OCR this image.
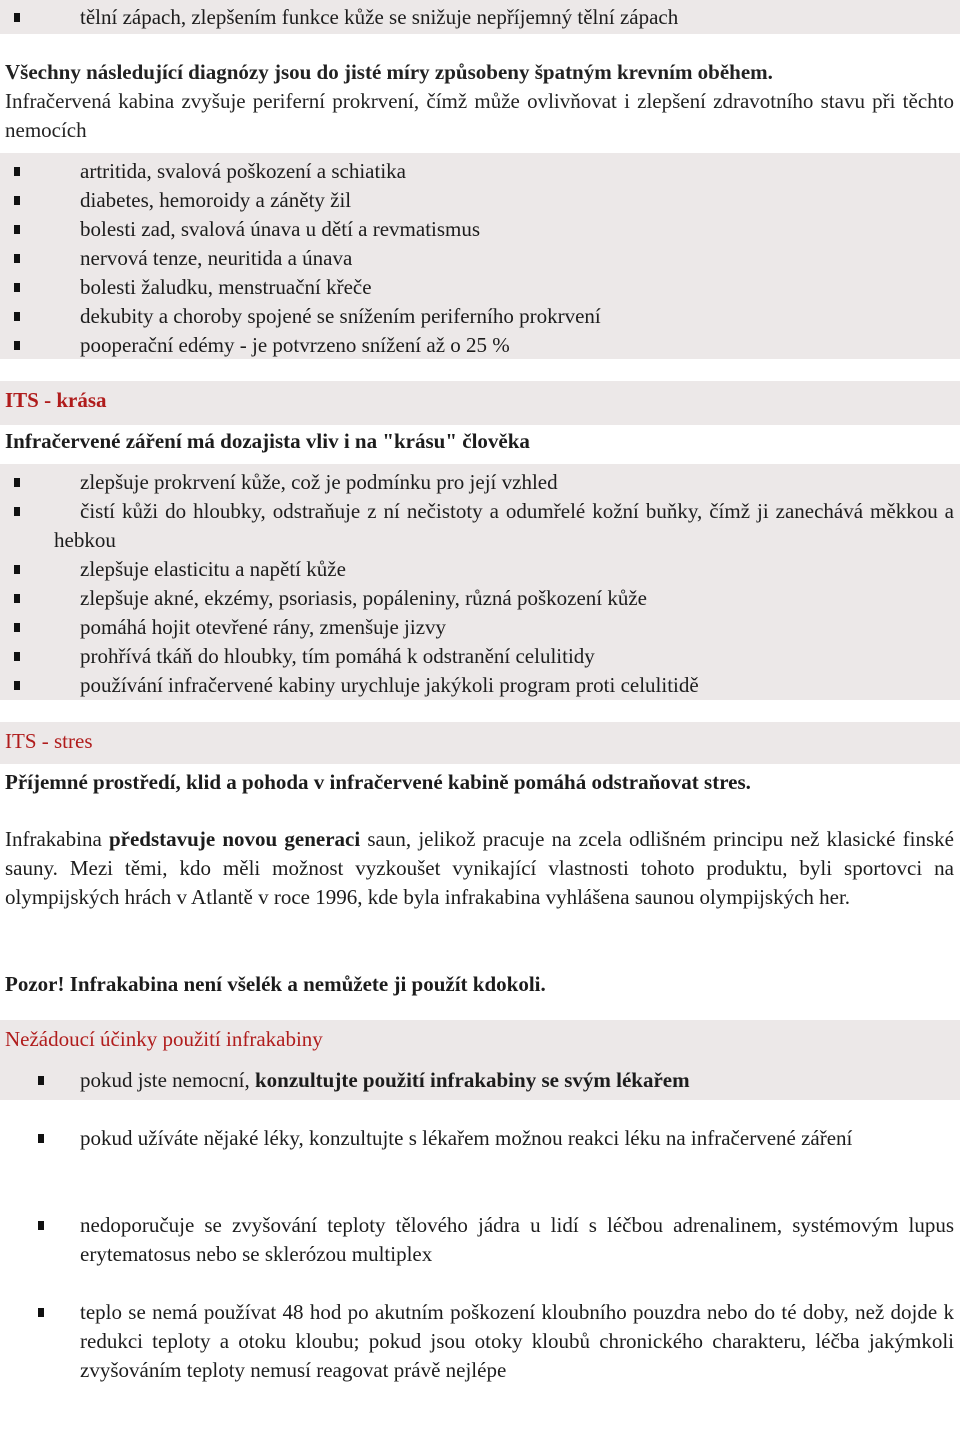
tělní zápach, zlepšením funkce kůže se snižuje nepříjemný tělní zápach
Všechny následující diagnózy jsou do jisté míry způsobeny špatným krevním oběhem.
Infračervená kabina zvyšuje periferní prokrvení, čímž může ovlivňovat i zlepšení zdravotního stavu při těchto nemocích
artritida, svalová poškození a schiatika
diabetes, hemoroidy a záněty žil
bolesti zad, svalová únava u dětí a revmatismus
nervová tenze, neuritida a únava
bolesti žaludku, menstruační křeče
dekubity a choroby spojené se snížením periferního prokrvení
pooperační edémy - je potvrzeno snížení až o 25 %
ITS - krása
Infračervené záření má dozajista vliv i na "krásu" člověka
zlepšuje prokrvení kůže, což je podmínku pro její vzhled
čistí kůži do hloubky, odstraňuje z ní nečistoty a odumřelé kožní buňky, čímž ji zanechává měkkou a hebkou
zlepšuje elasticitu a napětí kůže
zlepšuje akné, ekzémy, psoriasis, popáleniny, různá poškození kůže
pomáhá hojit otevřené rány, zmenšuje jizvy
prohřívá tkáň do hloubky, tím pomáhá k odstranění celulitidy
používání infračervené kabiny urychluje jakýkoli program proti celulitidě
ITS - stres
Příjemné prostředí, klid a pohoda v infračervené kabině pomáhá odstraňovat stres.
Infrakabina představuje novou generaci saun, jelikož pracuje na zcela odlišném principu než klasické finské sauny. Mezi těmi, kdo měli možnost vyzkoušet vynikající vlastnosti tohoto produktu, byli sportovci na olympijských hrách v Atlantě v roce 1996, kde byla infrakabina vyhlášena saunou olympijských her.
Pozor! Infrakabina není všelék a nemůžete ji použít kdokoli.
Nežádoucí účinky použití infrakabiny
pokud jste nemocní, konzultujte použití infrakabiny se svým lékařem
pokud užíváte nějaké léky, konzultujte s lékařem možnou reakci léku na infračervené záření
nedoporučuje se zvyšování teploty tělového jádra u lidí s léčbou adrenalinem, systémovým lupus erytematosus nebo se sklerózou multiplex
teplo se nemá používat 48 hod po akutním poškození kloubního pouzdra nebo do té doby, než dojde k redukci teploty a otoku kloubu; pokud jsou otoky kloubů chronického charakteru, léčba jakýmkoli zvyšováním teploty nemusí reagovat právě nejlépe
